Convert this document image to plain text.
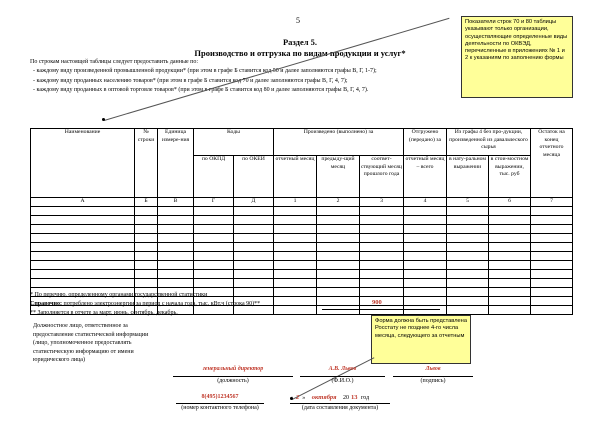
5
Раздел 5.
Производство и отгрузка по видам продукции и услуг*
По строкам настоящей таблицы следует предоставить данные по:
- каждому виду произведенной промышленной продукции* (при этом в графе Б ставится код 50 и далее заполняются графы В, Г, 1-7);
- каждому виду проданных населению товаров* (при этом в графе Б ставится код 70 и далее заполняются графы В, Г, 4, 7);
- каждому виду проданных в оптовой торговле товаров* (при этом в графе Б ставится код 80 и далее заполняются графы В, Г, 4, 7).
Показатели строк 70 и 80 таблицы указывают только организации, осуществляющие определенные виды деятельности по ОКВЭД, перечисленные в приложениях № 1 и 2 к указаниям по заполнению формы
Наименование	№ строки	Единица измере-ния	Коды		Произведено (выполнено) за			Отгружено (передано) за	Из графы 4 без про-дукции, произведенной из давальческого сырья		Остаток на конец отчетного месяца
			по ОКПД	по ОКЕИ	отчетный месяц	предыду-щий месяц	соответ-ствующий месяц прошлого года	отчетный месяц – всего	в нату-ральном выражении	в стои-мостном выражении, тыс. руб	
А	Б	В	Г	Д	1	2	3	4	5	6	7

* По перечню, определенному органами государственной статистики
Справочно: потреблено электроэнергии за период с начала года, тыс. кВт.ч (строка 90)**	900
** Заполняется в отчете за март, июнь, сентябрь, декабрь.
Форма должна быть представлена Росстату не позднее 4-го числа месяца, следующего за отчетным
Должностное лицо, ответственное за
предоставление статистической информации
(лицо, уполномоченное предоставлять
статистическую информацию от имени
юридического лица)
генеральный директор
(должность)
А.В. Львов
(Ф.И.О.)
Львов
(подпись)
8(495)1234567
(номер контактного телефона)
« 2 » октября 20 13 год
(дата составления документа)
